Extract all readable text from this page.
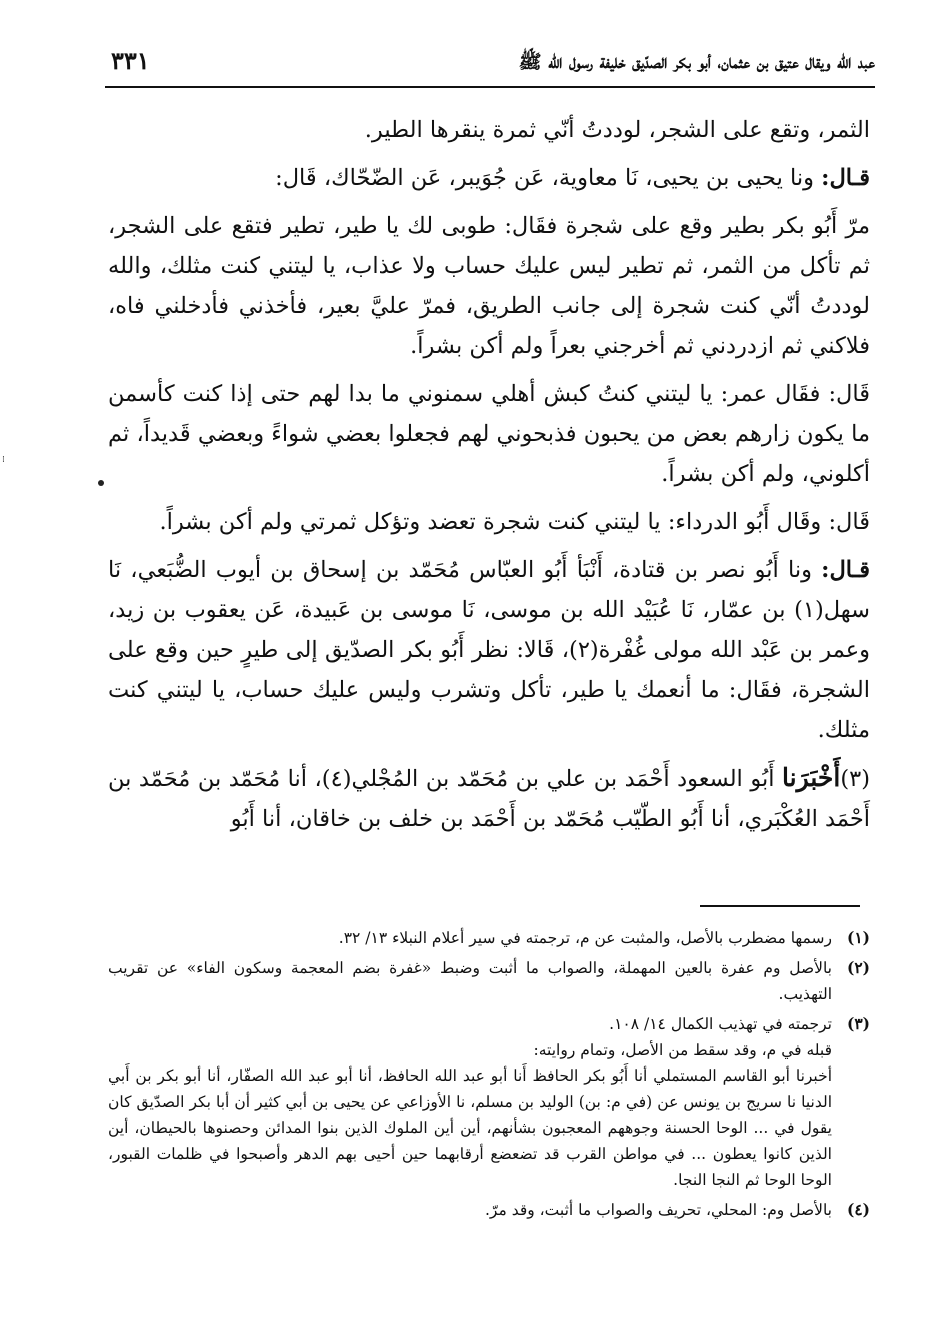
عبد الله ويقال عتيق بن عثمان، أبو بكر الصدّيق خليفة رسول الله ﷺ
٣٣١

الثمر، وتقع على الشجر، لوددتُ أنّي ثمرة ينقرها الطير.

قـال: ونا يحيى بن يحيى، نَا معاوية، عَن جُوَيبر، عَن الضّحّاك، قَال:

مرّ أَبُو بكر بطير وقع على شجرة فقَال: طوبى لك يا طير، تطير فتقع على الشجر، ثم تأكل من الثمر، ثم تطير ليس عليك حساب ولا عذاب، يا ليتني كنت مثلك، والله لوددتُ أنّي كنت شجرة إلى جانب الطريق، فمرّ عليَّ بعير، فأخذني فأدخلني فاه، فلاكني ثم ازدردني ثم أخرجني بعراً ولم أكن بشراً.

قَال: فقَال عمر: يا ليتني كنتُ كبش أهلي سمنوني ما بدا لهم حتى إذا كنت كأسمن ما يكون زارهم بعض من يحبون فذبحوني لهم فجعلوا بعضي شواءً وبعضي قَديداً، ثم أكلوني، ولم أكن بشراً.

قَال: وقَال أَبُو الدرداء: يا ليتني كنت شجرة تعضد وتؤكل ثمرتي ولم أكن بشراً.

قـال: ونا أَبُو نصر بن قتادة، أَنْبَأ أَبُو العبّاس مُحَمّد بن إسحاق بن أيوب الضُّبَعي، نَا سهل(١) بن عمّار، نَا عُبَيْد الله بن موسى، نَا موسى بن عَبيدة، عَن يعقوب بن زيد، وعمر بن عَبْد الله مولى غُفْرة(٢)، قَالا: نظر أَبُو بكر الصدّيق إلى طيرٍ حين وقع على الشجرة، فقَال: ما أنعمك يا طير، تأكل وتشرب وليس عليك حساب، يا ليتني كنت مثلك.

(٣)أَخْبَرَنا أَبُو السعود أَحْمَد بن علي بن مُحَمّد بن المُجْلي(٤)، أنا مُحَمّد بن مُحَمّد بن أَحْمَد العُكْبَري، أنا أَبُو الطّيّب مُحَمّد بن أَحْمَد بن خلف بن خاقان، أنا أَبُو

(١)
رسمها مضطرب بالأصل، والمثبت عن م، ترجمته في سير أعلام النبلاء ١٣/ ٣٢.
(٢)
بالأصل وم عفرة بالعين المهملة، والصواب ما أثبت وضبط «غفرة بضم المعجمة وسكون الفاء» عن تقريب التهذيب.
(٣)
ترجمته في تهذيب الكمال ١٤/ ١٠٨.
قبله في م، وقد سقط من الأصل، وتمام روايته:
أخبرنا أبو القاسم المستملي أنا أَبُو بكر الحافظ أَنا أبو عبد الله الحافظ، أنا أبو عبد الله الصفّار، أنا أبو بكر بن أَبي الدنيا نا سريج بن يونس عن (في م: بن) الوليد بن مسلم، نا الأوزاعي عن يحيى بن أبي كثير أن أبا بكر الصدّيق كان يقول في ... الوحا الحسنة وجوههم المعجبون بشأنهم، أين أين الملوك الذين بنوا المدائن وحصنوها بالحيطان، أين الذين كانوا يعطون ... في مواطن القرب قد تضعضع أرقابهما حين أحيى بهم الدهر وأصبحوا في ظلمات القبور، الوحا الوحا ثم النجا النجا.
(٤)
بالأصل وم: المحلي، تحريف والصواب ما أثبت، وقد مرّ.
⁞
